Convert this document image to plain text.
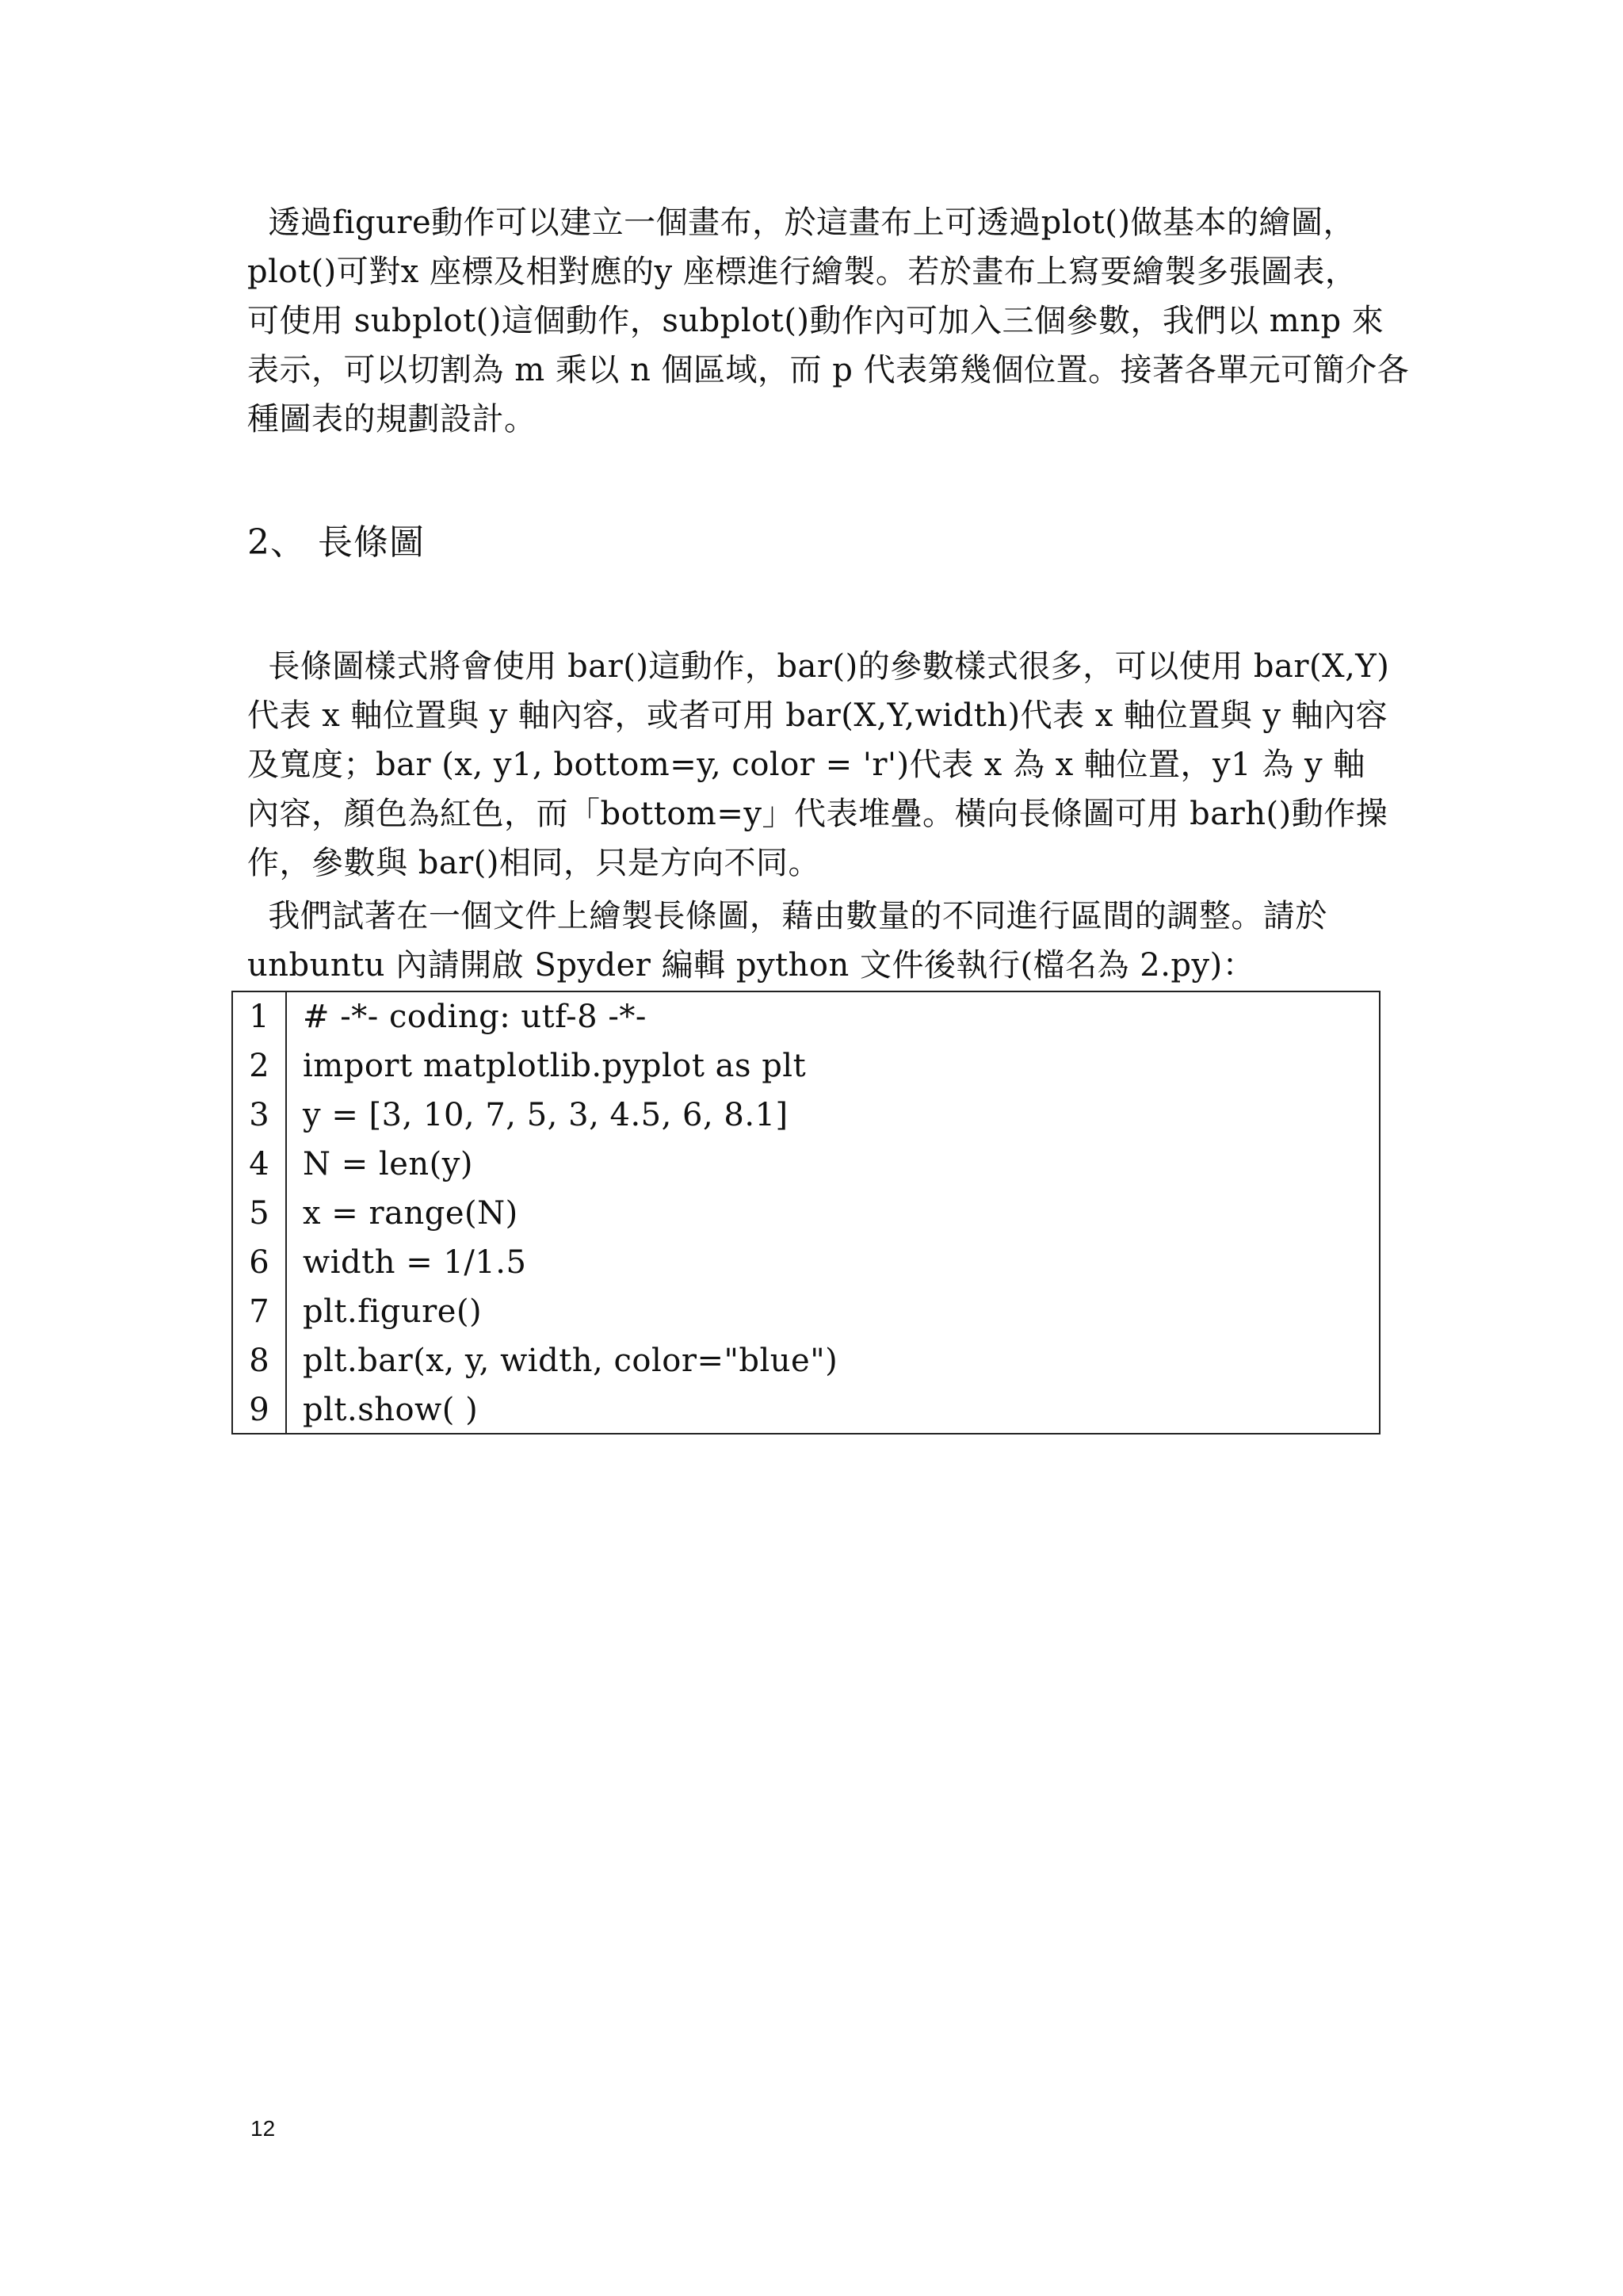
透過figure動作可以建立一個畫布，於這畫布上可透過plot()做基本的繪圖，
plot()可對x 座標及相對應的y 座標進行繪製。若於畫布上寫要繪製多張圖表，
可使用 subplot()這個動作，subplot()動作內可加入三個參數，我們以 mnp 來
表示，可以切割為 m 乘以 n 個區域，而 p 代表第幾個位置。接著各單元可簡介各
種圖表的規劃設計。
2、 長條圖
長條圖樣式將會使用 bar()這動作，bar()的參數樣式很多，可以使用 bar(X,Y)
代表 x 軸位置與 y 軸內容，或者可用 bar(X,Y,width)代表 x 軸位置與 y 軸內容
及寬度；bar (x, y1, bottom=y, color = 'r')代表 x 為 x 軸位置，y1 為 y 軸
內容，顏色為紅色，而「bottom=y」代表堆疊。橫向長條圖可用 barh()動作操
作，參數與 bar()相同，只是方向不同。
我們試著在一個文件上繪製長條圖，藉由數量的不同進行區間的調整。請於
unbuntu 內請開啟 Spyder 編輯 python 文件後執行(檔名為 2.py)：
1	# -*- coding: utf-8 -*-
2	import matplotlib.pyplot as plt
3	y = [3, 10, 7, 5, 3, 4.5, 6, 8.1]
4	N = len(y)
5	x = range(N)
6	width = 1/1.5
7	plt.figure()
8	plt.bar(x, y, width, color="blue")
9	plt.show( )
12
